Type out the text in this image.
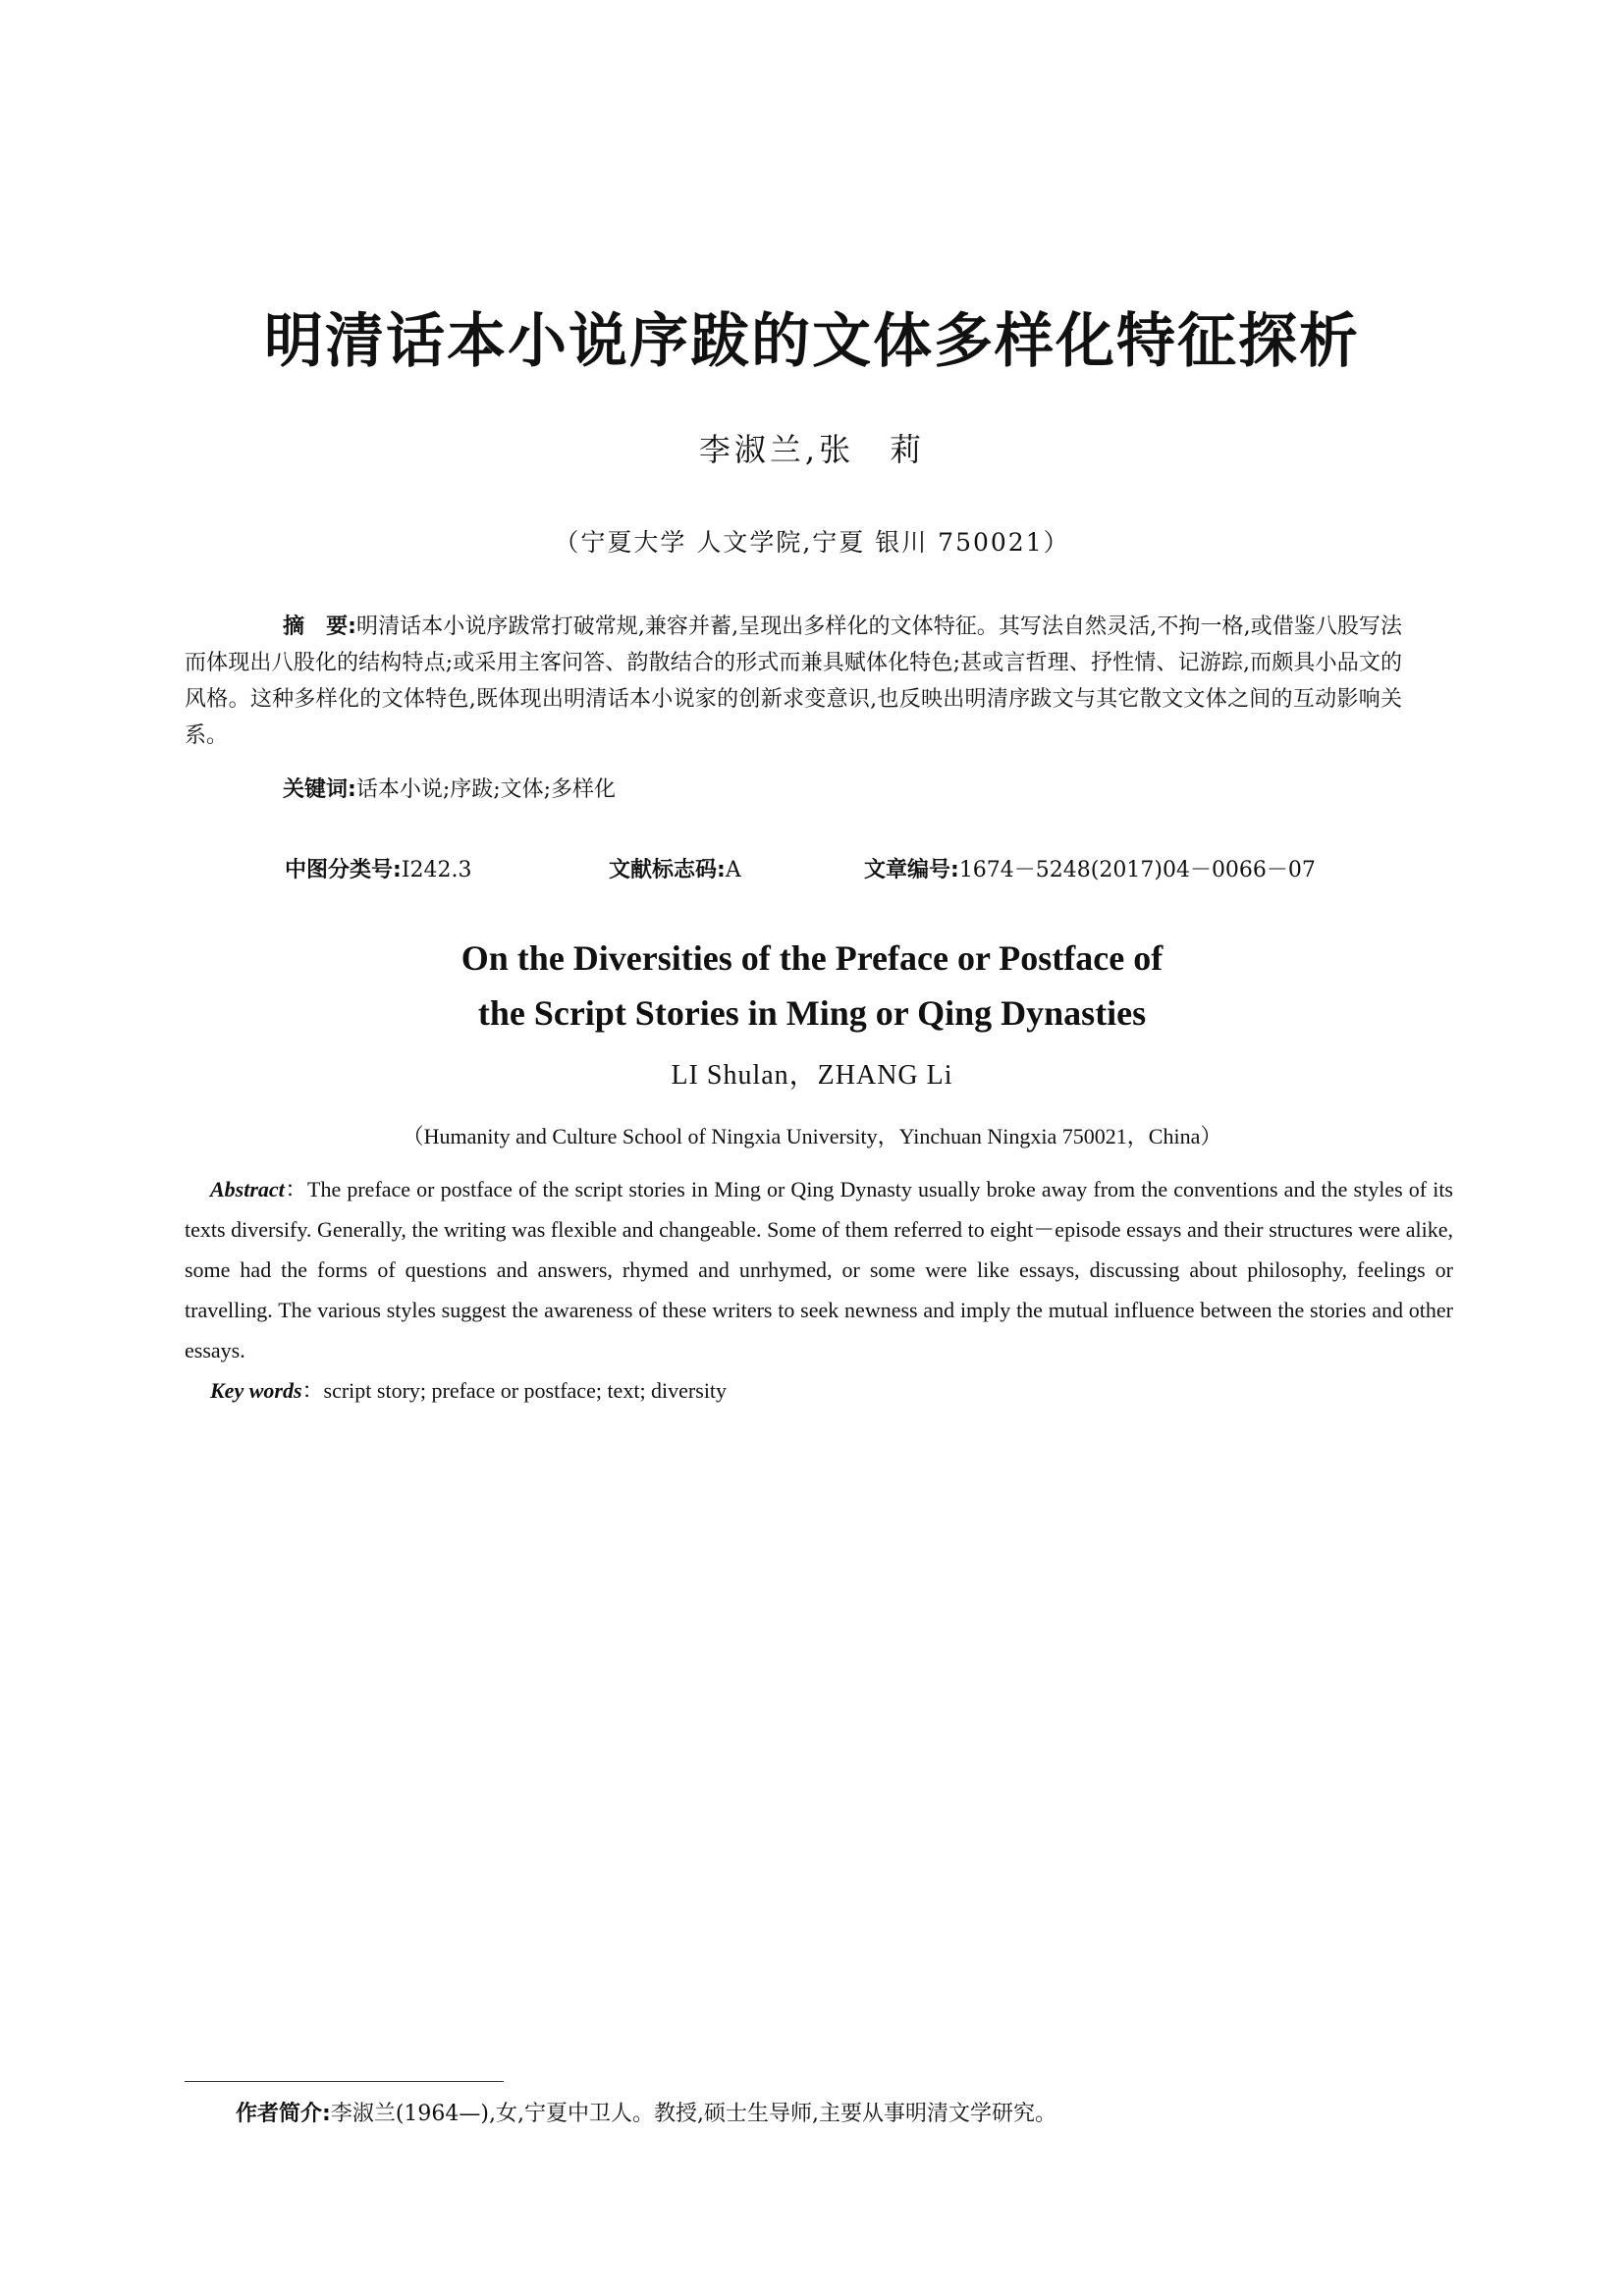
明清话本小说序跋的文体多样化特征探析
李淑兰,张　莉
（宁夏大学 人文学院,宁夏 银川 750021）
摘　要:明清话本小说序跋常打破常规,兼容并蓄,呈现出多样化的文体特征。其写法自然灵活,不拘一格,或借鉴八股写法而体现出八股化的结构特点;或采用主客问答、韵散结合的形式而兼具赋体化特色;甚或言哲理、抒性情、记游踪,而颇具小品文的风格。这种多样化的文体特色,既体现出明清话本小说家的创新求变意识,也反映出明清序跋文与其它散文文体之间的互动影响关系。
关键词:话本小说;序跋;文体;多样化
中图分类号:I242.3	文献标志码:A	文章编号:1674－5248(2017)04－0066－07
On the Diversities of the Preface or Postface of
the Script Stories in Ming or Qing Dynasties
LI Shulan，ZHANG Li
（Humanity and Culture School of Ningxia University，Yinchuan Ningxia 750021，China）
Abstract：The preface or postface of the script stories in Ming or Qing Dynasty usually broke away from the conventions and the styles of its texts diversify. Generally, the writing was flexible and changeable. Some of them referred to eight－episode essays and their structures were alike, some had the forms of questions and answers, rhymed and unrhymed, or some were like essays, discussing about philosophy, feelings or travelling. The various styles suggest the awareness of these writers to seek newness and imply the mutual influence between the stories and other essays.
Key words：script story; preface or postface; text; diversity
作者简介:李淑兰(1964—),女,宁夏中卫人。教授,硕士生导师,主要从事明清文学研究。
